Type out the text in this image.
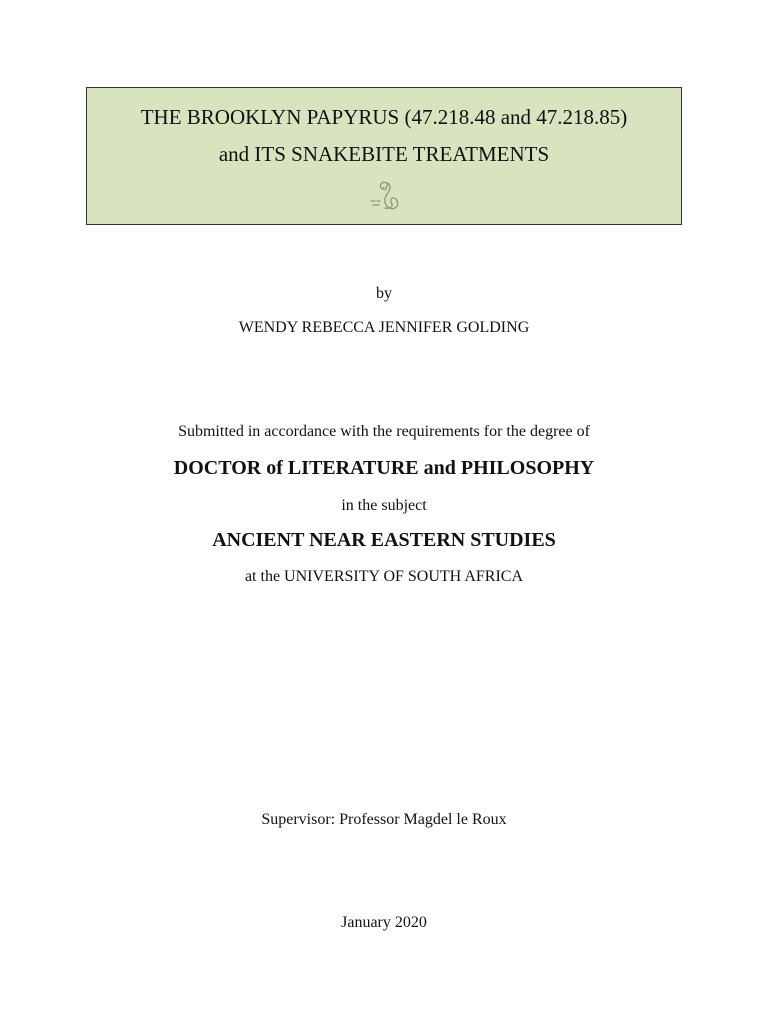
THE BROOKLYN PAPYRUS (47.218.48 and 47.218.85)
and ITS SNAKEBITE TREATMENTS
by
WENDY REBECCA JENNIFER GOLDING
Submitted in accordance with the requirements for the degree of
DOCTOR of LITERATURE and PHILOSOPHY
in the subject
ANCIENT NEAR EASTERN STUDIES
at the UNIVERSITY OF SOUTH AFRICA
Supervisor: Professor Magdel le Roux
January 2020
